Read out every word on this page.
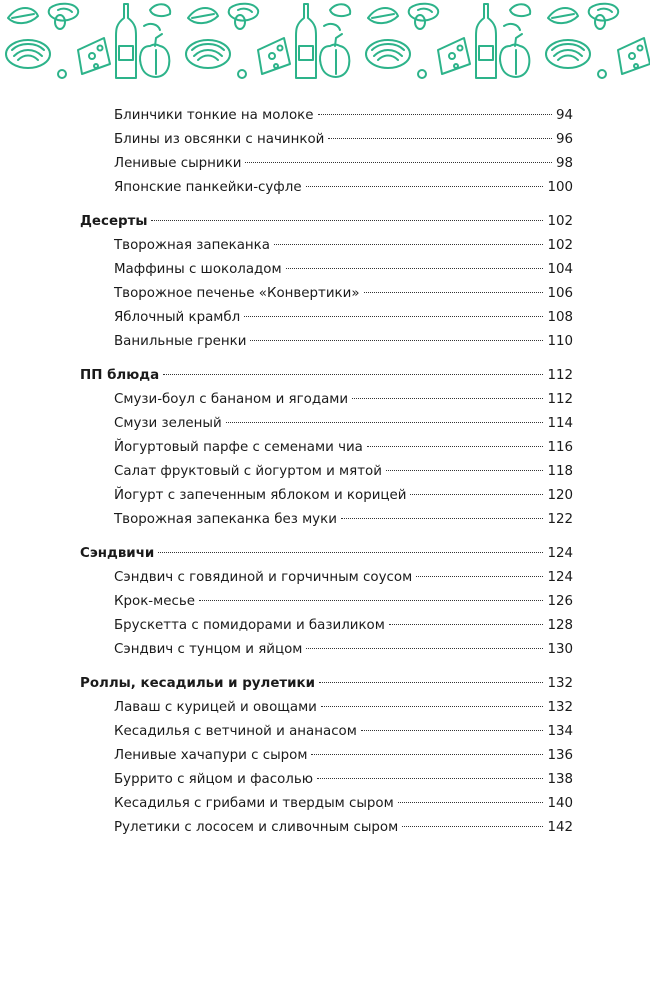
Блинчики тонкие на молоке	94
Блины из овсянки с начинкой	96
Ленивые сырники	98
Японские панкейки-суфле	100
Десерты	102
Творожная запеканка	102
Маффины с шоколадом	104
Творожное печенье «Конвертики»	106
Яблочный крамбл	108
Ванильные гренки	110
ПП блюда	112
Смузи-боул с бананом и ягодами	112
Смузи зеленый	114
Йогуртовый парфе с семенами чиа	116
Салат фруктовый с йогуртом и мятой	118
Йогурт с запеченным яблоком и корицей	120
Творожная запеканка без муки	122
Сэндвичи	124
Сэндвич с говядиной и горчичным соусом	124
Крок-месье	126
Брускетта с помидорами и базиликом	128
Сэндвич с тунцом и яйцом	130
Роллы, кесадильи и рулетики	132
Лаваш с курицей и овощами	132
Кесадилья с ветчиной и ананасом	134
Ленивые хачапури с сыром	136
Буррито с яйцом и фасолью	138
Кесадилья с грибами и твердым сыром	140
Рулетики с лососем и сливочным сыром	142
